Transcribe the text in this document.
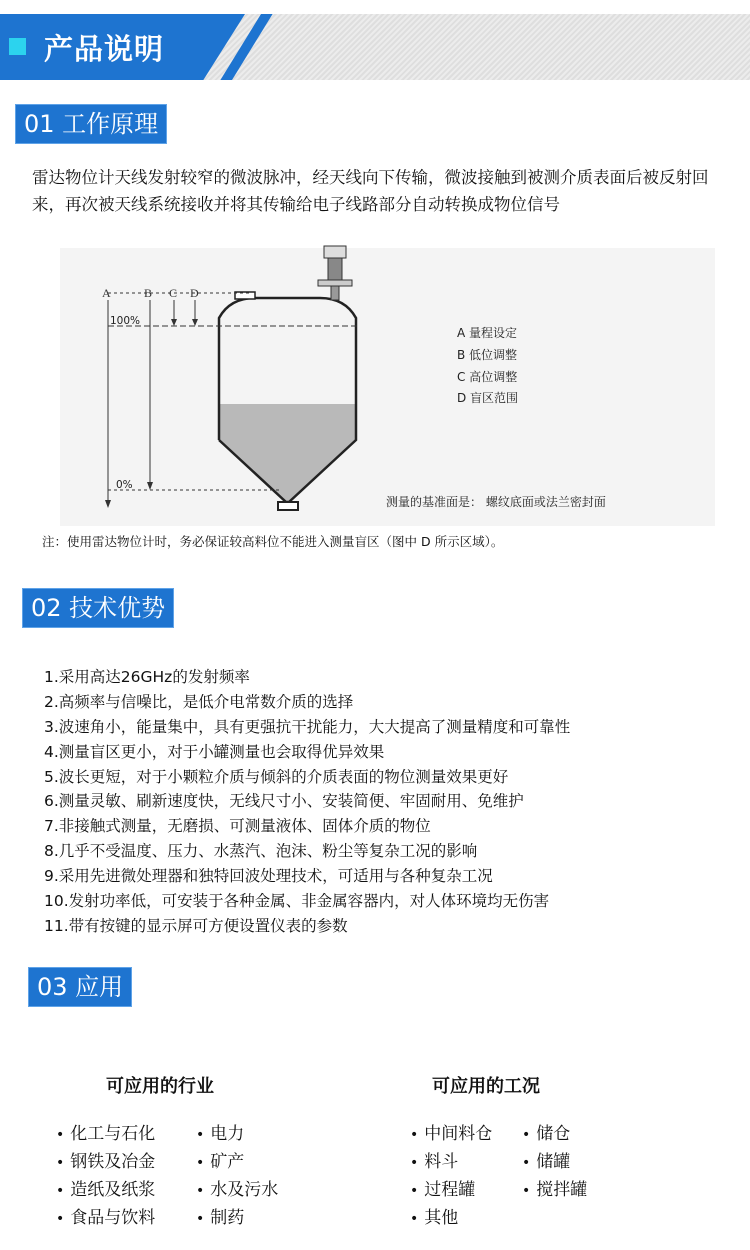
产品说明
01 工作原理
雷达物位计天线发射较窄的微波脉冲，经天线向下传输，微波接触到被测介质表面后被反射回来，再次被天线系统接收并将其传输给电子线路部分自动转换成物位信号
A	B C D
100%
0%
A 量程设定
B 低位调整
C 高位调整
D 盲区范围
测量的基准面是： 螺纹底面或法兰密封面
注：使用雷达物位计时，务必保证较高料位不能进入测量盲区（图中 D 所示区域）。
02 技术优势
1.采用高达26GHz的发射频率
2.高频率与信噪比，是低介电常数介质的选择
3.波速角小，能量集中，具有更强抗干扰能力，大大提高了测量精度和可靠性
4.测量盲区更小，对于小罐测量也会取得优异效果
5.波长更短，对于小颗粒介质与倾斜的介质表面的物位测量效果更好
6.测量灵敏、刷新速度快，无线尺寸小、安装简便、牢固耐用、免维护
7.非接触式测量，无磨损、可测量液体、固体介质的物位
8.几乎不受温度、压力、水蒸汽、泡沫、粉尘等复杂工况的影响
9.采用先进微处理器和独特回波处理技术，可适用与各种复杂工况
10.发射功率低，可安装于各种金属、非金属容器内，对人体环境均无伤害
11.带有按键的显示屏可方便设置仪表的参数
03 应用
可应用的行业	可应用的工况
• 化工与石化
• 钢铁及冶金
• 造纸及纸浆
• 食品与饮料
• 电力
• 矿产
• 水及污水
• 制药
• 中间料仓
• 料斗
• 过程罐
• 其他
• 储仓
• 储罐
• 搅拌罐
